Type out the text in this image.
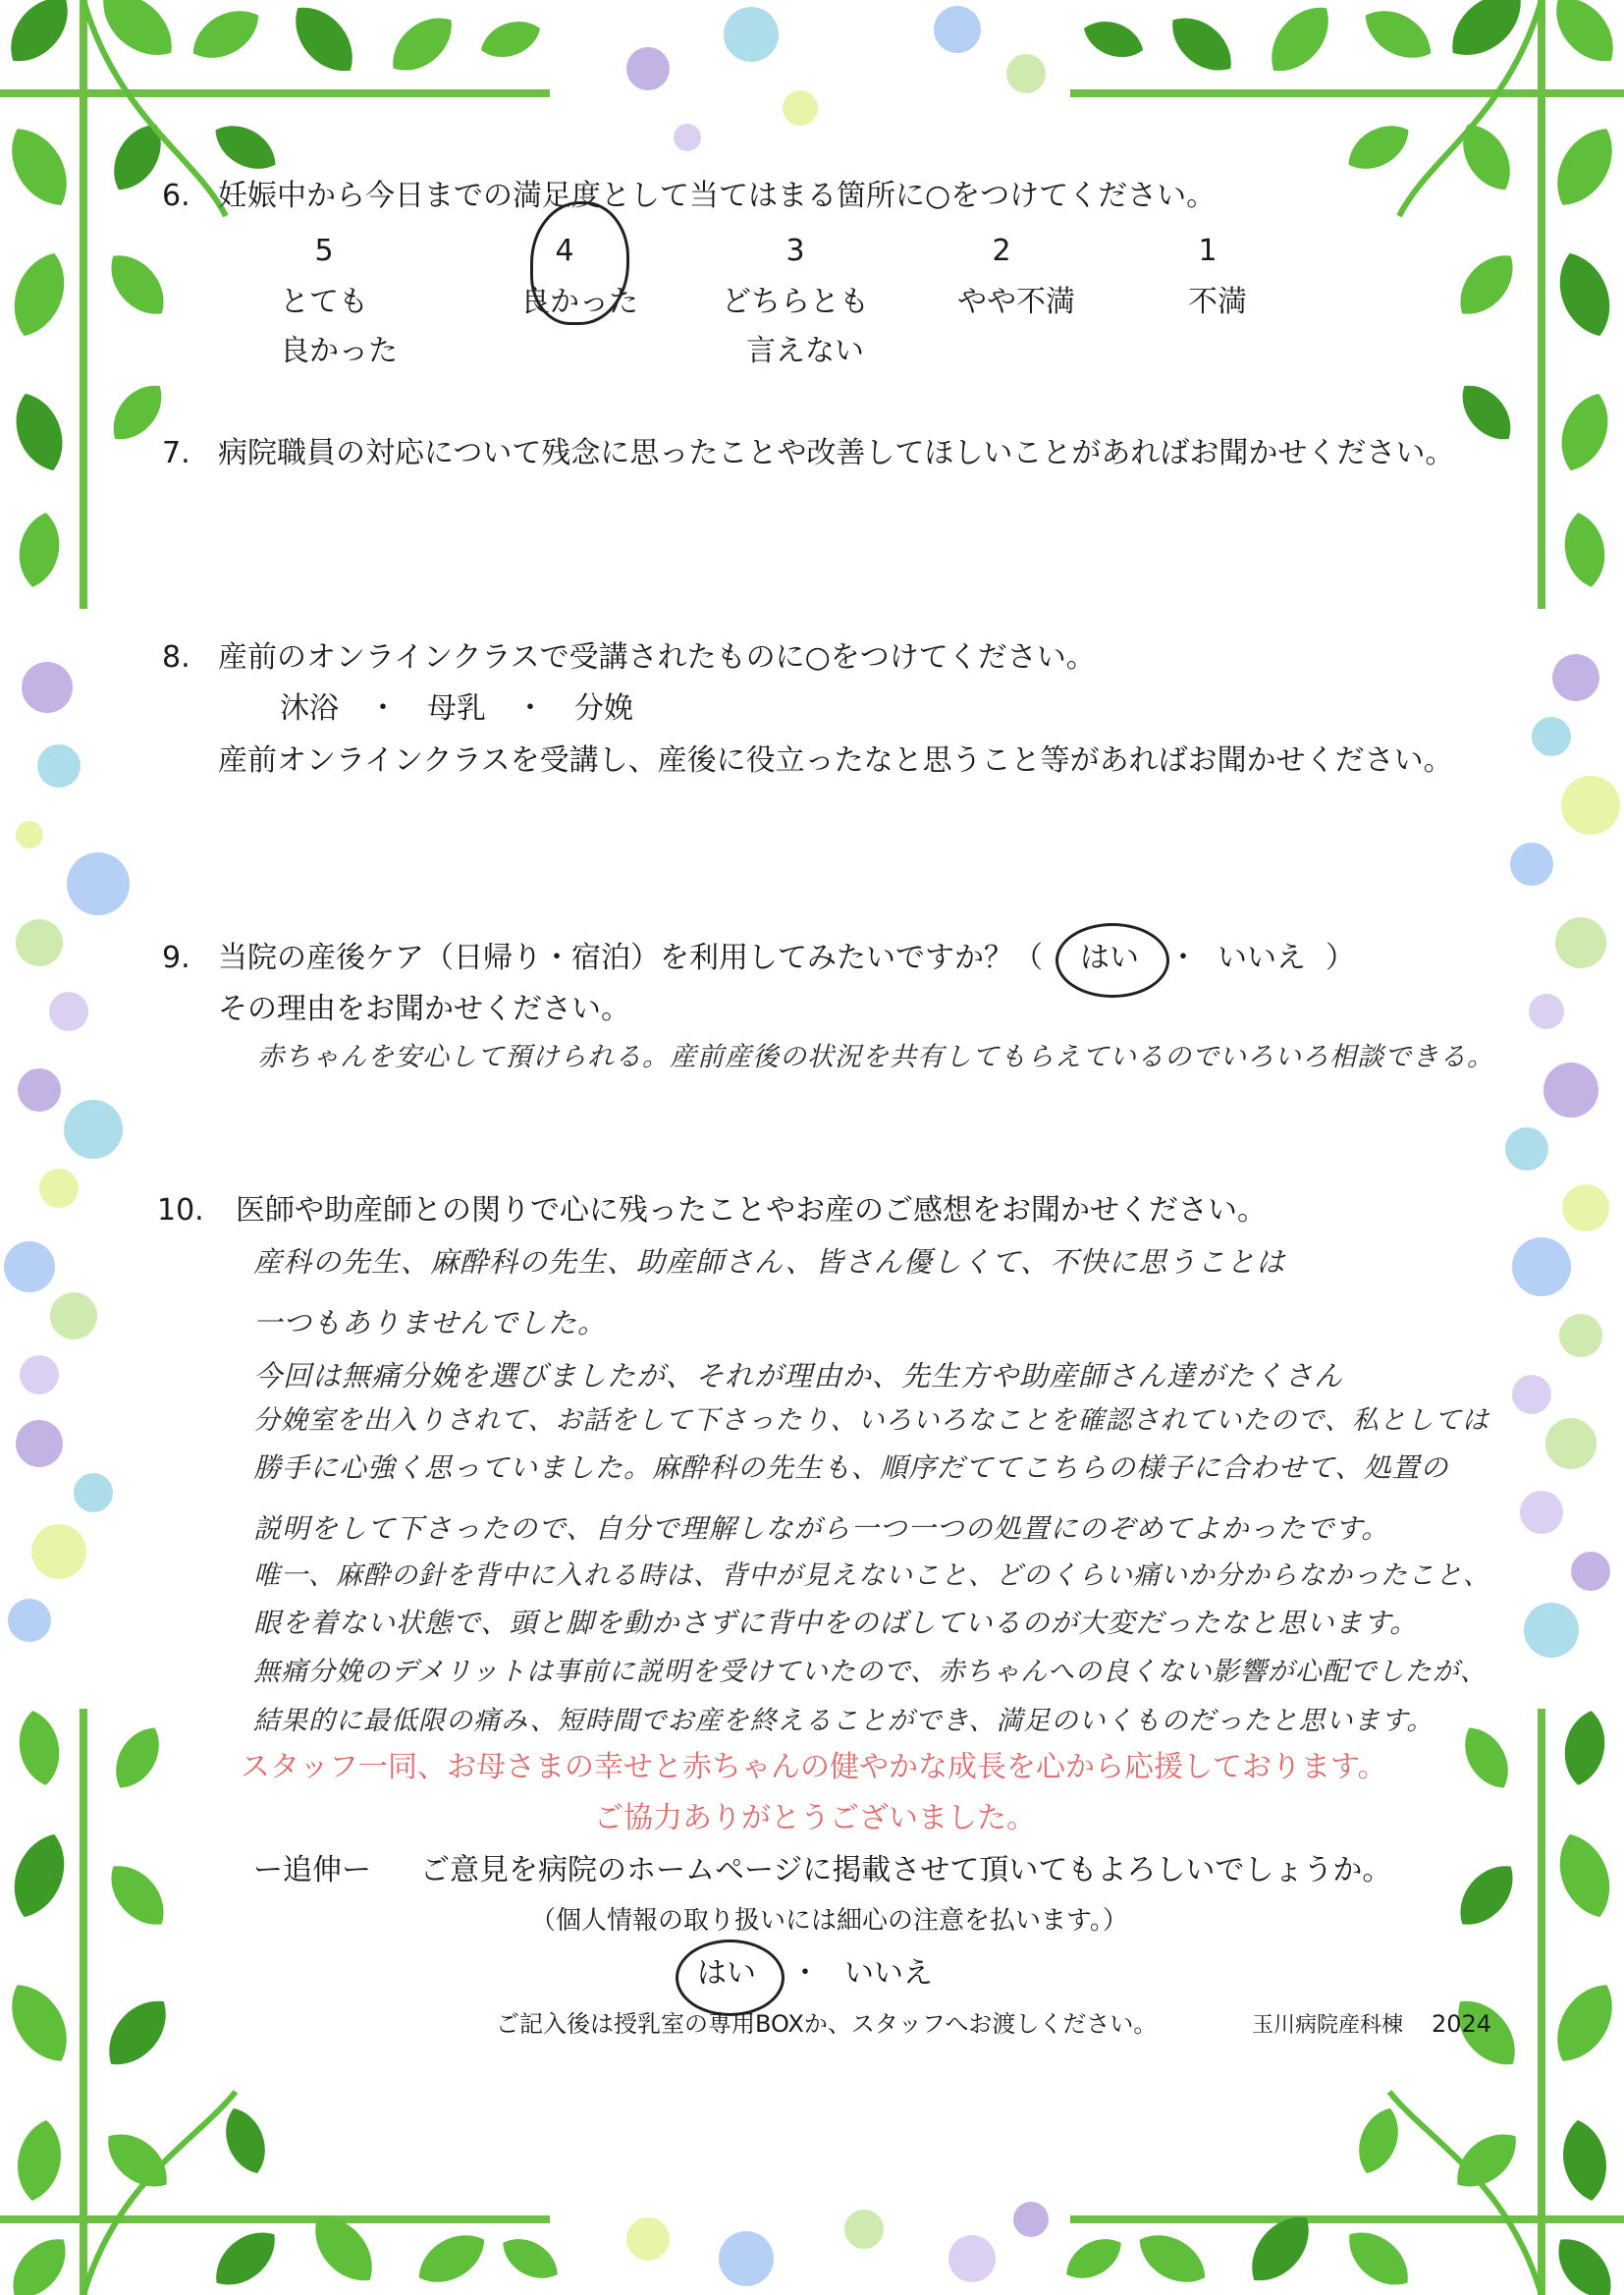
6. 妊娠中から今日までの満足度として当てはまる箇所に○をつけてください。
5
とても
良かった
4
良かった
3
どちらとも
言えない
2
やや不満
1
不満
7. 病院職員の対応について残念に思ったことや改善してほしいことがあればお聞かせください。
8. 産前のオンラインクラスで受講されたものに○をつけてください。
沐浴　・　母乳　・　分娩
産前オンラインクラスを受講し、産後に役立ったなと思うこと等があればお聞かせください。
9. 当院の産後ケア（日帰り・宿泊）を利用してみたいですか？（ はい ・ いいえ ）
その理由をお聞かせください。
赤ちゃんを安心して預けられる。産前産後の状況を共有してもらえているのでいろいろ相談できる。
10. 医師や助産師との関りで心に残ったことやお産のご感想をお聞かせください。
産科の先生、麻酔科の先生、助産師さん、皆さん優しくて、不快に思うことは
一つもありませんでした。
今回は無痛分娩を選びましたが、それが理由か、先生方や助産師さん達がたくさん
分娩室を出入りされて、お話をして下さったり、いろいろなことを確認されていたので、私としては
勝手に心強く思っていました。麻酔科の先生も、順序だててこちらの様子に合わせて、処置の
説明をして下さったので、自分で理解しながら一つ一つの処置にのぞめてよかったです。
唯一、麻酔の針を背中に入れる時は、背中が見えないこと、どのくらい痛いか分からなかったこと、
眼を着ない状態で、頭と脚を動かさずに背中をのばしているのが大変だったなと思います。
無痛分娩のデメリットは事前に説明を受けていたので、赤ちゃんへの良くない影響が心配でしたが、
結果的に最低限の痛み、短時間でお産を終えることができ、満足のいくものだったと思います。
スタッフ一同、お母さまの幸せと赤ちゃんの健やかな成長を心から応援しております。
ご協力ありがとうございました。
ー追伸ー ご意見を病院のホームページに掲載させて頂いてもよろしいでしょうか。
（個人情報の取り扱いには細心の注意を払います。）
はい ・ いいえ
ご記入後は授乳室の専用BOXか、スタッフへお渡しください。	玉川病院産科棟 2024
